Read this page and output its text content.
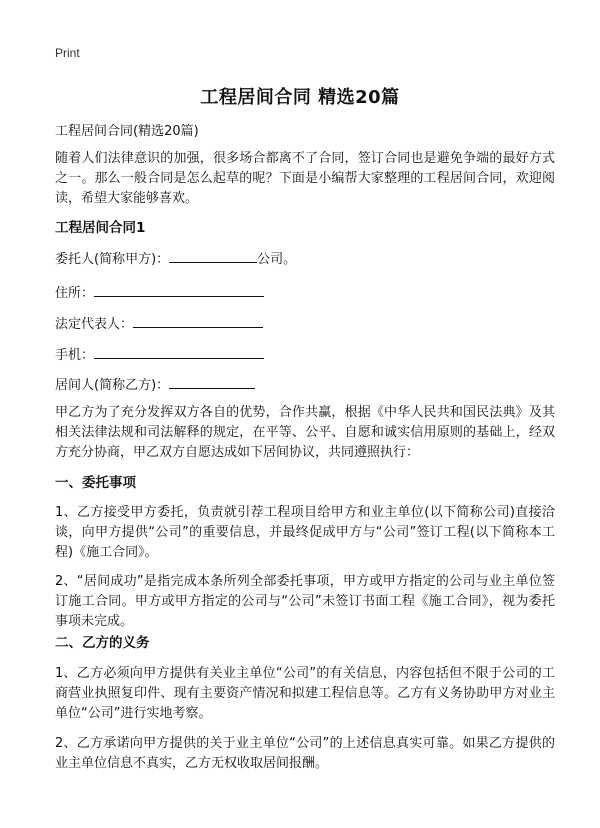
Print
工程居间合同 精选20篇
工程居间合同(精选20篇)
随着人们法律意识的加强，很多场合都离不了合同，签订合同也是避免争端的最好方式之一。那么一般合同是怎么起草的呢？下面是小编帮大家整理的工程居间合同，欢迎阅读，希望大家能够喜欢。
工程居间合同1
委托人(简称甲方)：	公司。
住所：
法定代表人：
手机：
居间人(简称乙方)：
甲乙方为了充分发挥双方各自的优势，合作共赢，根据《中华人民共和国民法典》及其相关法律法规和司法解释的规定，在平等、公平、自愿和诚实信用原则的基础上，经双方充分协商，甲乙双方自愿达成如下居间协议，共同遵照执行：
一、委托事项
1、乙方接受甲方委托，负责就引荐工程项目给甲方和业主单位(以下简称公司)直接洽谈，向甲方提供“公司”的重要信息，并最终促成甲方与“公司”签订工程(以下简称本工程)《施工合同》。
2、“居间成功”是指完成本条所列全部委托事项，甲方或甲方指定的公司与业主单位签订施工合同。甲方或甲方指定的公司与“公司”未签订书面工程《施工合同》，视为委托事项未完成。
二、乙方的义务
1、乙方必须向甲方提供有关业主单位“公司”的有关信息，内容包括但不限于公司的工商营业执照复印件、现有主要资产情况和拟建工程信息等。乙方有义务协助甲方对业主单位“公司”进行实地考察。
2、乙方承诺向甲方提供的关于业主单位“公司”的上述信息真实可靠。如果乙方提供的业主单位信息不真实，乙方无权收取居间报酬。
